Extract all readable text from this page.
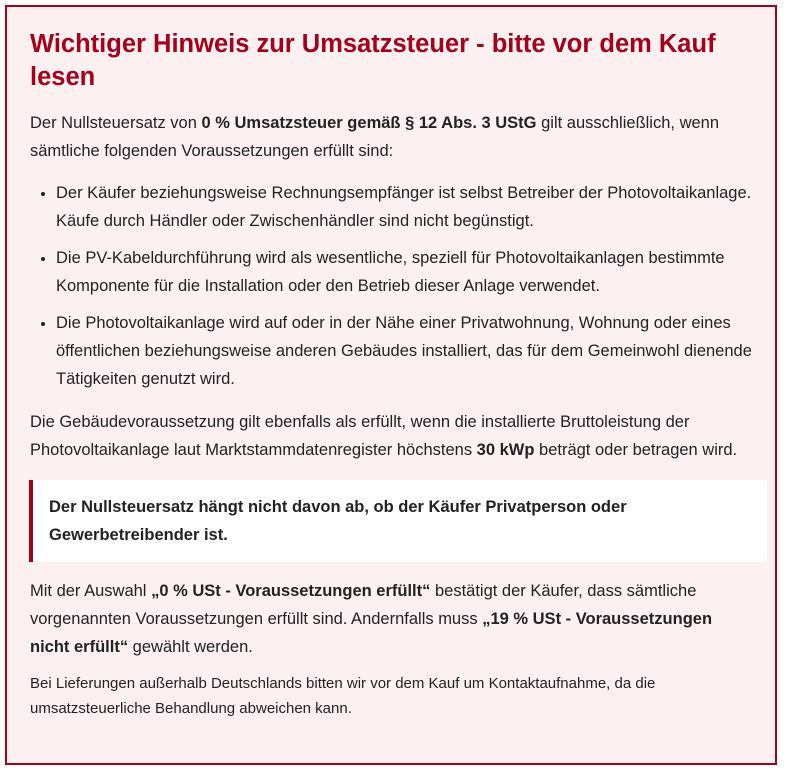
Wichtiger Hinweis zur Umsatzsteuer - bitte vor dem Kauf lesen

Der Nullsteuersatz von 0 % Umsatzsteuer gemäß § 12 Abs. 3 UStG gilt ausschließlich, wenn sämtliche folgenden Voraussetzungen erfüllt sind:

• Der Käufer beziehungsweise Rechnungsempfänger ist selbst Betreiber der Photovoltaikanlage. Käufe durch Händler oder Zwischenhändler sind nicht begünstigt.
• Die PV-Kabeldurchführung wird als wesentliche, speziell für Photovoltaikanlagen bestimmte Komponente für die Installation oder den Betrieb dieser Anlage verwendet.
• Die Photovoltaikanlage wird auf oder in der Nähe einer Privatwohnung, Wohnung oder eines öffentlichen beziehungsweise anderen Gebäudes installiert, das für dem Gemeinwohl dienende Tätigkeiten genutzt wird.

Die Gebäudevoraussetzung gilt ebenfalls als erfüllt, wenn die installierte Bruttoleistung der Photovoltaikanlage laut Marktstammdatenregister höchstens 30 kWp beträgt oder betragen wird.

Der Nullsteuersatz hängt nicht davon ab, ob der Käufer Privatperson oder Gewerbetreibender ist.

Mit der Auswahl „0 % USt - Voraussetzungen erfüllt“ bestätigt der Käufer, dass sämtliche vorgenannten Voraussetzungen erfüllt sind. Andernfalls muss „19 % USt - Voraussetzungen nicht erfüllt“ gewählt werden.

Bei Lieferungen außerhalb Deutschlands bitten wir vor dem Kauf um Kontaktaufnahme, da die umsatzsteuerliche Behandlung abweichen kann.
